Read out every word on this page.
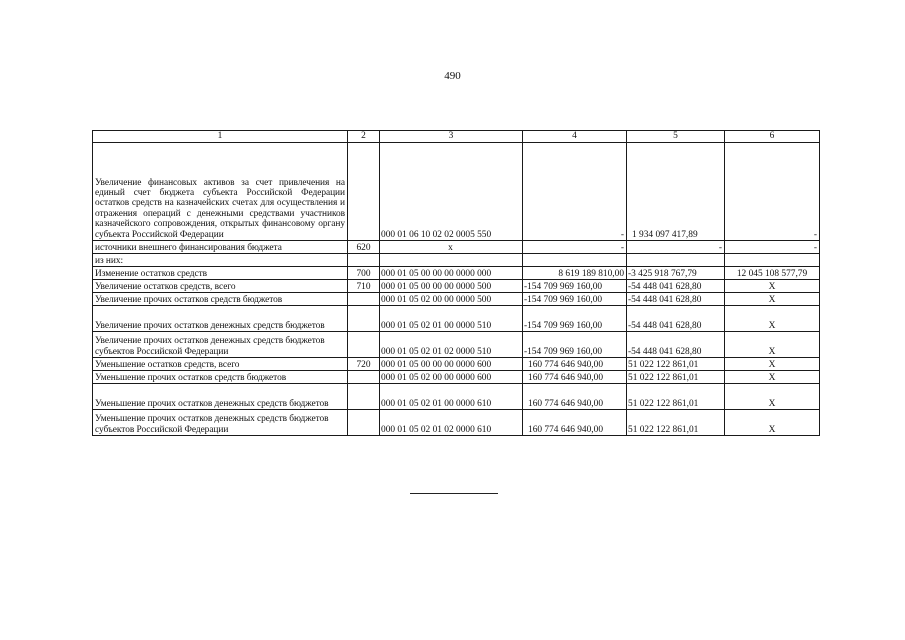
490
1	2	3	4	5	6
Увеличение финансовых активов за счет привлечения на единый счет бюджета субъекта Российской Федерации остатков средств на казначейских счетах для осуществления и отражения операций с денежными средствами участников казначейского сопровождения, открытых финансовому органу субъекта Российской Федерации		000 01 06 10 02 02 0005 550	-	1 934 097 417,89	-
источники внешнего финансирования бюджета	620	x	-	-	-
из них:					
Изменение остатков средств	700	000 01 05 00 00 00 0000 000	8 619 189 810,00	-3 425 918 767,79	12 045 108 577,79
Увеличение остатков средств, всего	710	000 01 05 00 00 00 0000 500	-154 709 969 160,00	-54 448 041 628,80	X
Увеличение прочих остатков средств бюджетов		000 01 05 02 00 00 0000 500	-154 709 969 160,00	-54 448 041 628,80	X
Увеличение прочих остатков денежных средств бюджетов		000 01 05 02 01 00 0000 510	-154 709 969 160,00	-54 448 041 628,80	X
Увеличение прочих остатков денежных средств бюджетов субъектов Российской Федерации		000 01 05 02 01 02 0000 510	-154 709 969 160,00	-54 448 041 628,80	X
Уменьшение остатков средств, всего	720	000 01 05 00 00 00 0000 600	160 774 646 940,00	51 022 122 861,01	X
Уменьшение прочих остатков средств бюджетов		000 01 05 02 00 00 0000 600	160 774 646 940,00	51 022 122 861,01	X
Уменьшение прочих остатков денежных средств бюджетов		000 01 05 02 01 00 0000 610	160 774 646 940,00	51 022 122 861,01	X
Уменьшение прочих остатков денежных средств бюджетов субъектов Российской Федерации		000 01 05 02 01 02 0000 610	160 774 646 940,00	51 022 122 861,01	X
